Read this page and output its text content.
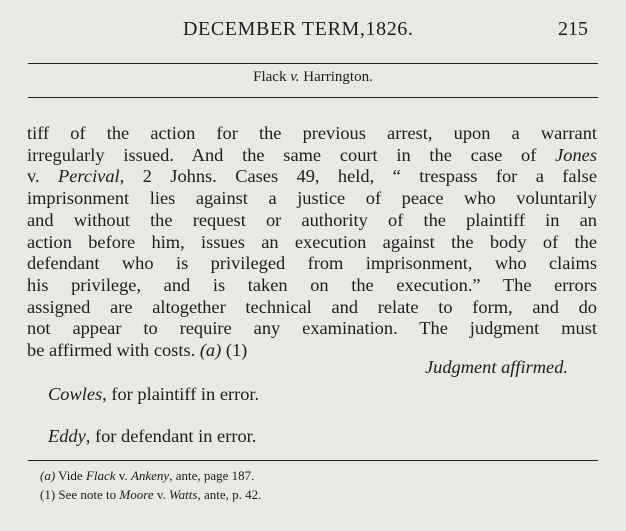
DECEMBER TERM,1826.	215
Flack v. Harrington.
tiff of the action for the previous arrest, upon a warrant
irregularly issued. And the same court in the case of Jones
v. Percival, 2 Johns. Cases 49, held, “ trespass for a false
imprisonment lies against a justice of peace who voluntarily
and without the request or authority of the plaintiff in an
action before him, issues an execution against the body of the
defendant who is privileged from imprisonment, who claims
his privilege, and is taken on the execution.” The errors
assigned are altogether technical and relate to form, and do
not appear to require any examination. The judgment must
be affirmed with costs. (a) (1)
Judgment affirmed.
Cowles, for plaintiff in error.
Eddy, for defendant in error.
(a) Vide Flack v. Ankeny, ante, page 187.
(1) See note to Moore v. Watts, ante, p. 42.
